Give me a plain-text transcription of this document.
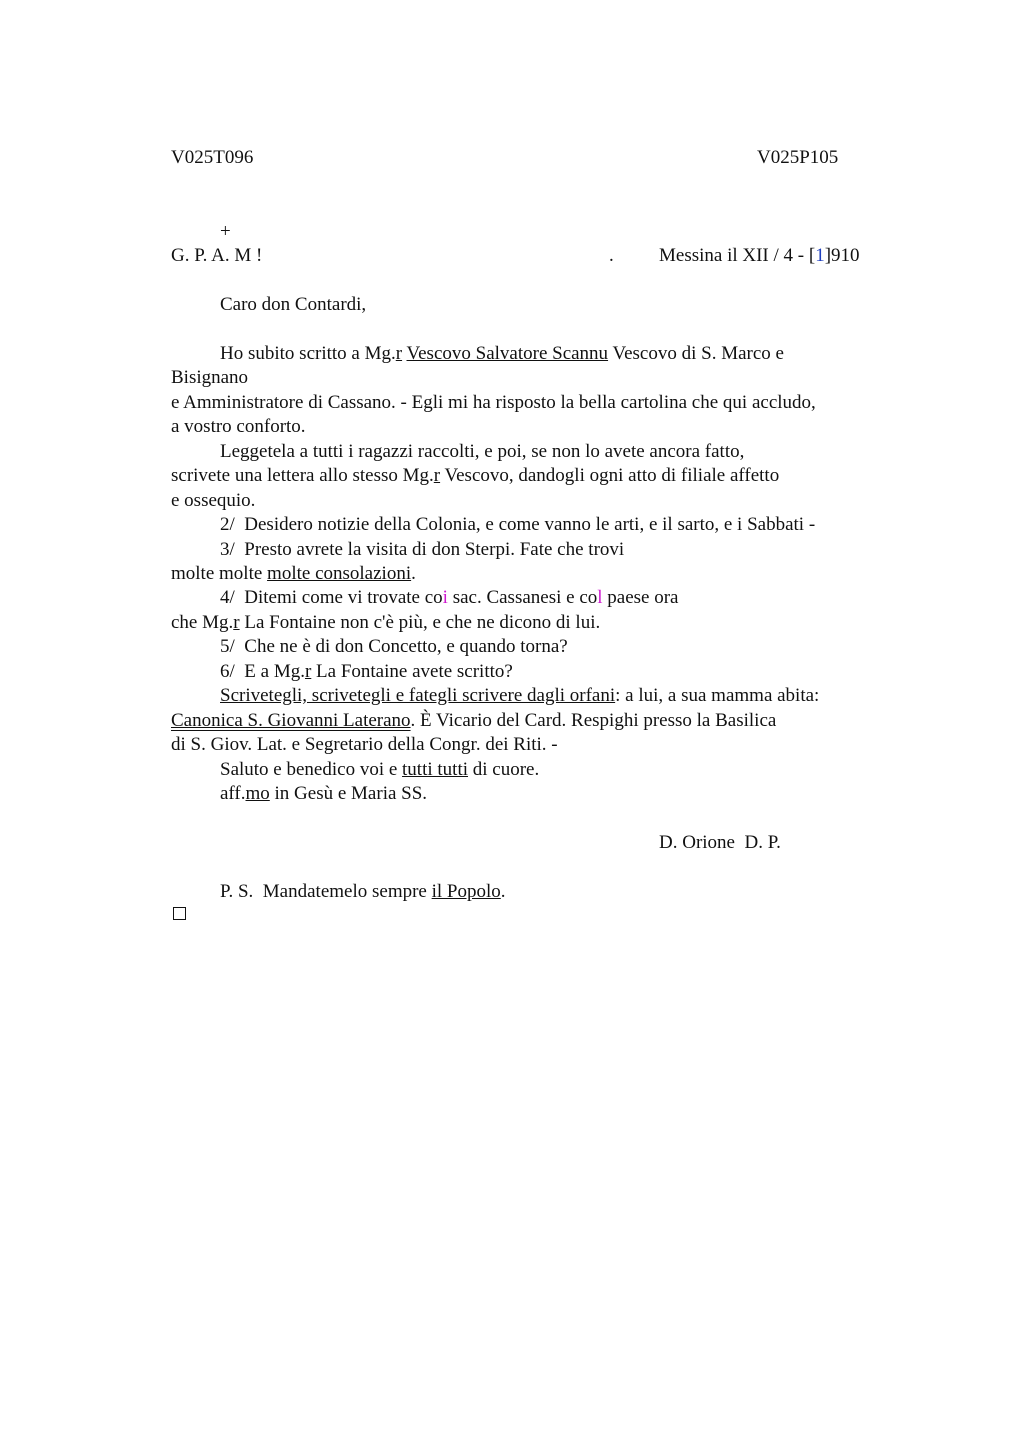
V025T096	V025P105
+
G. P. A. M !	. Messina il XII / 4 - [1]910
Caro don Contardi,
Ho subito scritto a Mg.r Vescovo Salvatore Scannu Vescovo di S. Marco e
Bisignano
e Amministratore di Cassano. - Egli mi ha risposto la bella cartolina che qui accludo,
a vostro conforto.
Leggetela a tutti i ragazzi raccolti, e poi, se non lo avete ancora fatto,
scrivete una lettera allo stesso Mg.r Vescovo, dandogli ogni atto di filiale affetto
e ossequio.
2/  Desidero notizie della Colonia, e come vanno le arti, e il sarto, e i Sabbati -
3/  Presto avrete la visita di don Sterpi. Fate che trovi
molte molte molte consolazioni.
4/  Ditemi come vi trovate coi sac. Cassanesi e col paese ora
che Mg.r La Fontaine non c'è più, e che ne dicono di lui.
5/  Che ne è di don Concetto, e quando torna?
6/  E a Mg.r La Fontaine avete scritto?
Scrivetegli, scrivetegli e fategli scrivere dagli orfani: a lui, a sua mamma abita:
Canonica S. Giovanni Laterano. È Vicario del Card. Respighi presso la Basilica
di S. Giov. Lat. e Segretario della Congr. dei Riti. -
Saluto e benedico voi e tutti tutti di cuore.
aff.mo in Gesù e Maria SS.
D. Orione  D. P.
P. S.  Mandatemelo sempre il Popolo.
